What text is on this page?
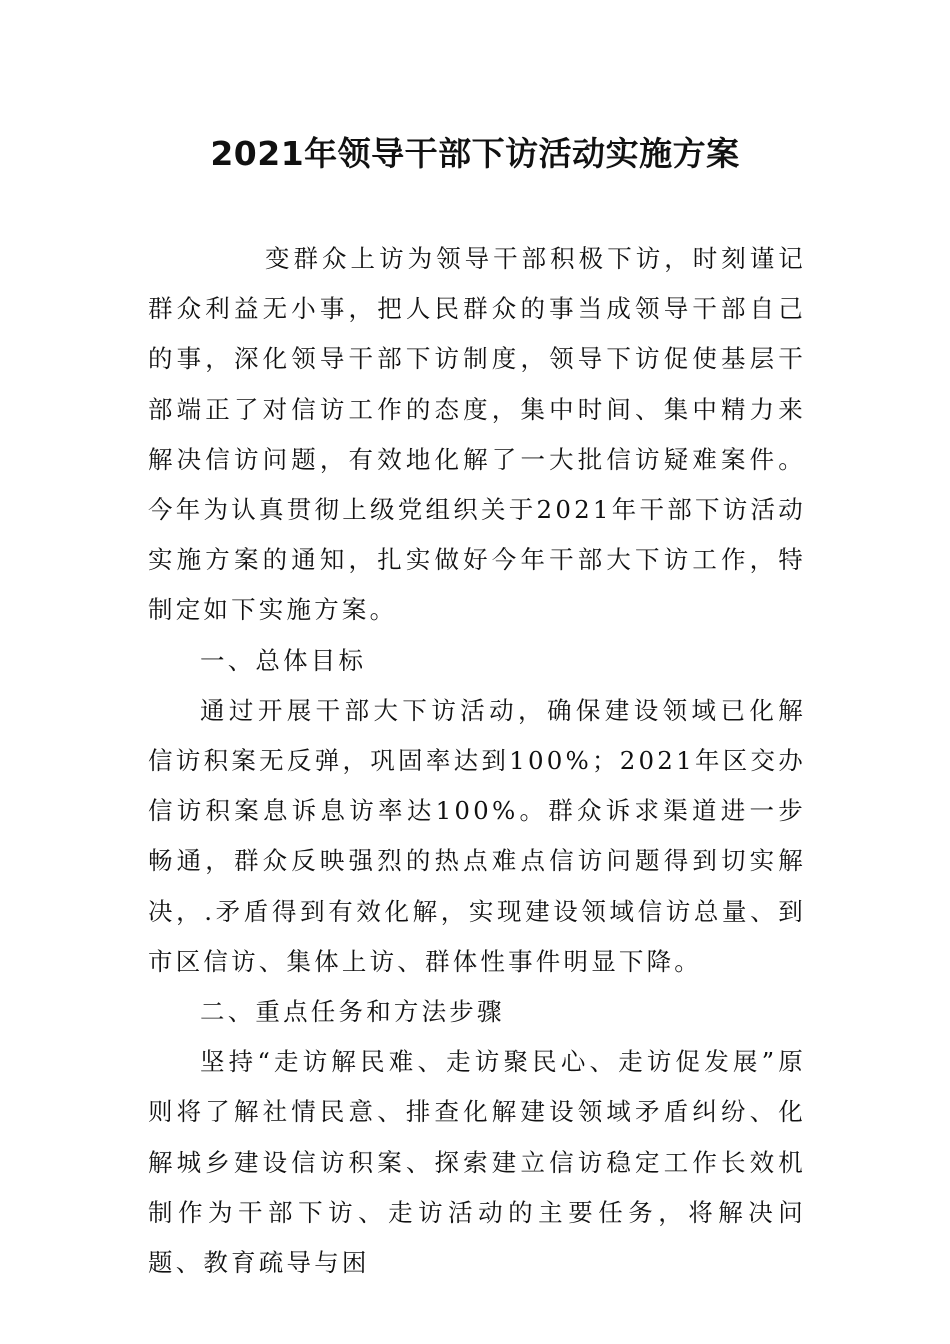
2021年领导干部下访活动实施方案

变群众上访为领导干部积极下访，时刻谨记群众利益无小事，把人民群众的事当成领导干部自己的事，深化领导干部下访制度，领导下访促使基层干部端正了对信访工作的态度，集中时间、集中精力来解决信访问题，有效地化解了一大批信访疑难案件。今年为认真贯彻上级党组织关于2021年干部下访活动实施方案的通知，扎实做好今年干部大下访工作，特制定如下实施方案。

一、总体目标

通过开展干部大下访活动，确保建设领域已化解信访积案无反弹，巩固率达到100%；2021年区交办信访积案息诉息访率达100%。群众诉求渠道进一步畅通，群众反映强烈的热点难点信访问题得到切实解决，.矛盾得到有效化解，实现建设领域信访总量、到市区信访、集体上访、群体性事件明显下降。

二、重点任务和方法步骤

坚持“走访解民难、走访聚民心、走访促发展”原则将了解社情民意、排查化解建设领域矛盾纠纷、化解城乡建设信访积案、探索建立信访稳定工作长效机制作为干部下访、走访活动的主要任务，将解决问题、教育疏导与困
